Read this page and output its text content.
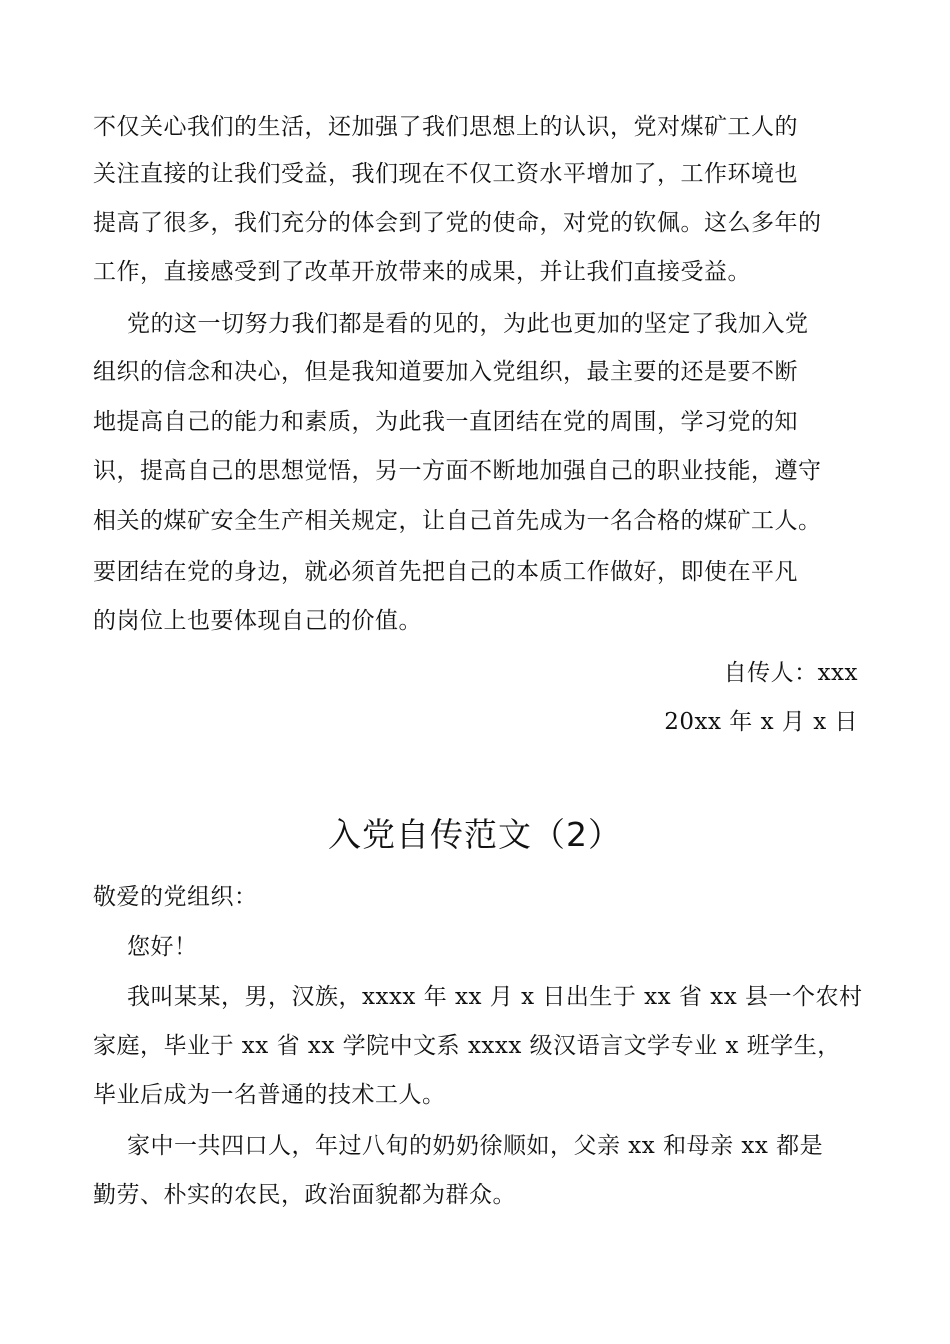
不仅关心我们的生活，还加强了我们思想上的认识，党对煤矿工人的
关注直接的让我们受益，我们现在不仅工资水平增加了，工作环境也
提高了很多，我们充分的体会到了党的使命，对党的钦佩。这么多年的
工作，直接感受到了改革开放带来的成果，并让我们直接受益。
党的这一切努力我们都是看的见的，为此也更加的坚定了我加入党
组织的信念和决心，但是我知道要加入党组织，最主要的还是要不断
地提高自己的能力和素质，为此我一直团结在党的周围，学习党的知
识，提高自己的思想觉悟，另一方面不断地加强自己的职业技能，遵守
相关的煤矿安全生产相关规定，让自己首先成为一名合格的煤矿工人。
要团结在党的身边，就必须首先把自己的本质工作做好，即使在平凡
的岗位上也要体现自己的价值。
自传人：xxx
20xx 年 x 月 x 日
入党自传范文（2）
敬爱的党组织：
您好！
我叫某某，男，汉族，xxxx 年 xx 月 x 日出生于 xx 省 xx 县一个农村
家庭，毕业于 xx 省 xx 学院中文系 xxxx 级汉语言文学专业 x 班学生，
毕业后成为一名普通的技术工人。
家中一共四口人，年过八旬的奶奶徐顺如，父亲 xx 和母亲 xx 都是
勤劳、朴实的农民，政治面貌都为群众。
